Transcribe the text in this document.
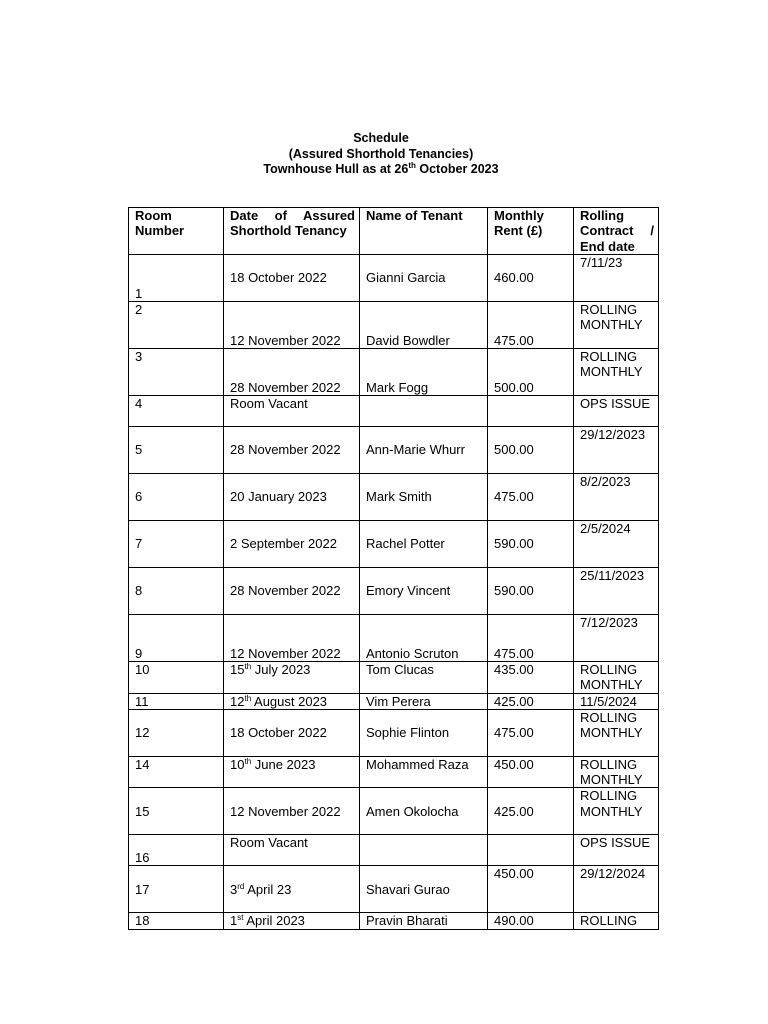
Schedule
(Assured Shorthold Tenancies)
Townhouse Hull as at 26th October 2023
Room Number	Date of Assured Shorthold Tenancy	Name of Tenant	Monthly Rent (£)	Rolling Contract / End date
1	18 October 2022	Gianni Garcia	460.00	7/11/23
2	12 November 2022	David Bowdler	475.00	ROLLING MONTHLY
3	28 November 2022	Mark Fogg	500.00	ROLLING MONTHLY
4	Room Vacant			OPS ISSUE
5	28 November 2022	Ann-Marie Whurr	500.00	29/12/2023
6	20 January 2023	Mark Smith	475.00	8/2/2023
7	2 September 2022	Rachel Potter	590.00	2/5/2024
8	28 November 2022	Emory Vincent	590.00	25/11/2023
9	12 November 2022	Antonio Scruton	475.00	7/12/2023
10	15th July 2023	Tom Clucas	435.00	ROLLING MONTHLY
11	12th August 2023	Vim Perera	425.00	11/5/2024
12	18 October 2022	Sophie Flinton	475.00	ROLLING MONTHLY
14	10th June 2023	Mohammed Raza	450.00	ROLLING MONTHLY
15	12 November 2022	Amen Okolocha	425.00	ROLLING MONTHLY
16	Room Vacant			OPS ISSUE
17	3rd April 23	Shavari Gurao	450.00	29/12/2024
18	1st April 2023	Pravin Bharati	490.00	ROLLING
